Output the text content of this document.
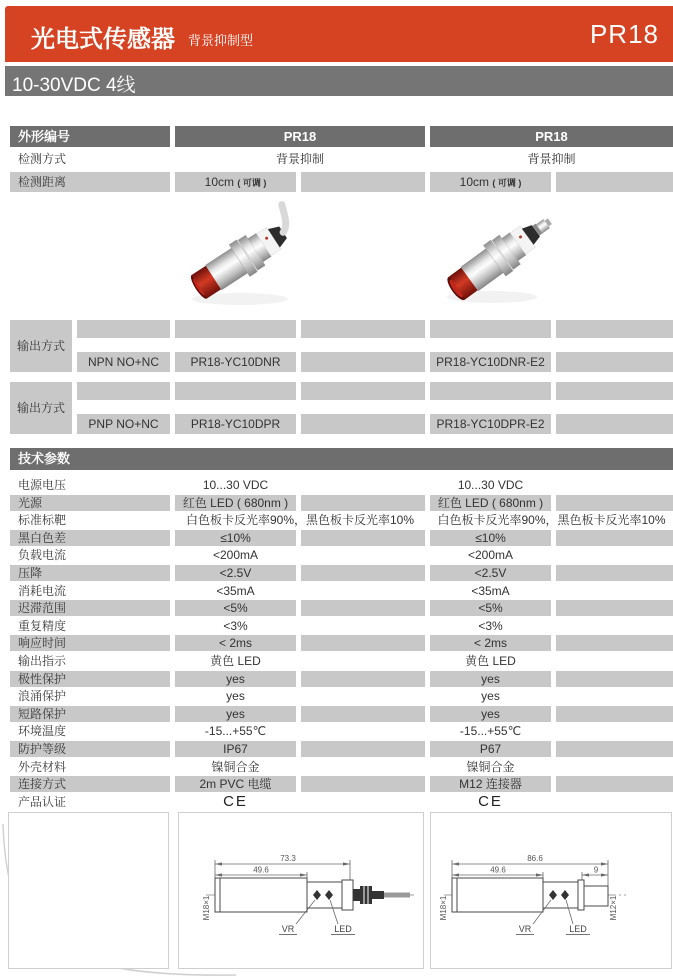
光电式传感器 背景抑制型	PR18
10-30VDC 4线
外形编号	PR18	PR18
检测方式	背景抑制	背景抑制
检测距离	10cm ( 可调 )	10cm ( 可调 )
技术参数
73.3
49.6
M18×1
VR	LED
86.6
49.6	9
M18×1	M12×1
VR	LED
输出方式
NPN NO+NC	PR18-YC10DNR	PR18-YC10DNR-E2
输出方式
PNP NO+NC	PR18-YC10DPR	PR18-YC10DPR-E2
电源电压	10...30 VDC	10...30 VDC
光源	红色 LED ( 680nm )	红色 LED ( 680nm )
标准标靶	白色板卡反光率90%，黑色板卡反光率10%	白色板卡反光率90%，黑色板卡反光率10%
黑白色差	≤10%	≤10%
负载电流	<200mA	<200mA
压降	<2.5V	<2.5V
消耗电流	<35mA	<35mA
迟滞范围	<5%	<5%
重复精度	<3%	<3%
响应时间	< 2ms	< 2ms
输出指示	黄色 LED	黄色 LED
极性保护	yes	yes
浪涌保护	yes	yes
短路保护	yes	yes
环境温度	-15...+55℃	-15...+55℃
防护等级	IP67	P67
外壳材料	镍铜合金	镍铜合金
连接方式	2m PVC 电缆	M12 连接器
产品认证	CE	CE
